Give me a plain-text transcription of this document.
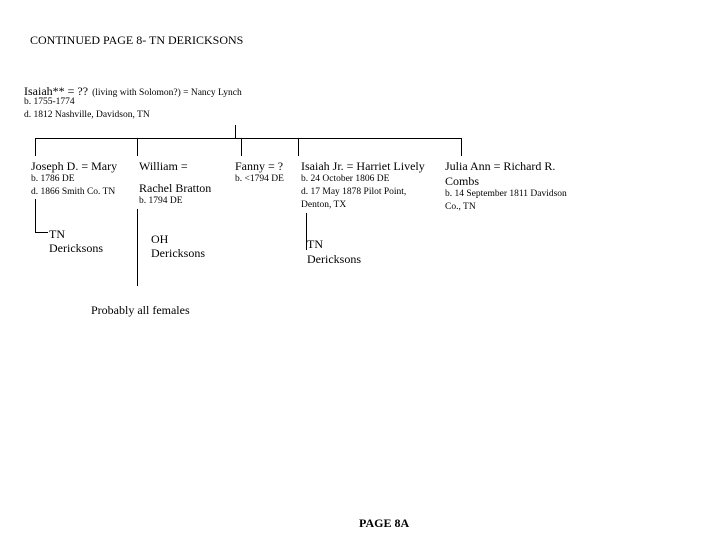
CONTINUED PAGE 8- TN DERICKSONS
Isaiah** = ?? (living with Solomon?) = Nancy Lynch
b. 1755-1774
d. 1812 Nashville, Davidson, TN
Joseph D. = Mary
b. 1786 DE
d. 1866 Smith Co. TN
TN
Dericksons
William =
Rachel Bratton
b. 1794 DE
OH
Dericksons
Fanny = ?
b. <1794 DE
Isaiah Jr. = Harriet Lively
b. 24 October 1806 DE
d. 17 May 1878 Pilot Point,
Denton, TX
TN
Dericksons
Julia Ann = Richard R.
Combs
b. 14 September 1811 Davidson
Co., TN
Probably all females
PAGE 8A
